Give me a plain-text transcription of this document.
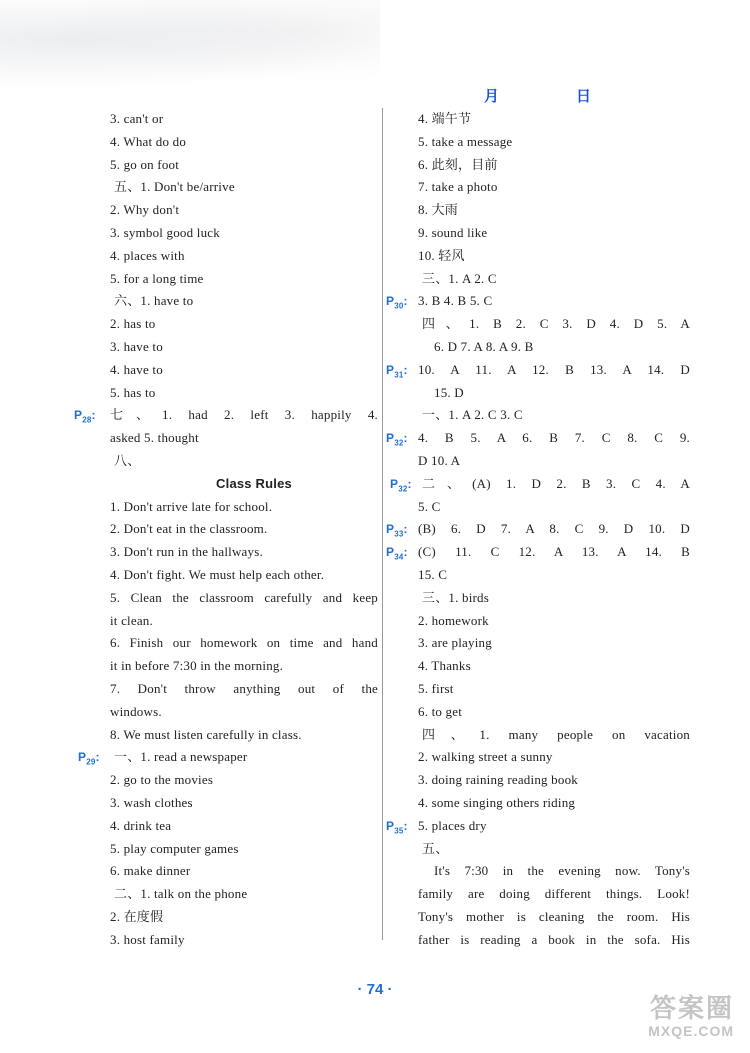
月	日
3. can't or
4. What do do
5. go on foot
五、1. Don't be/arrive
2. Why don't
3. symbol good luck
4. places with
5. for a long time
六、1. have to
2. has to
3. have to
4. have to
5. has to
$P_{28}$: 七、1. had 2. left 3. happily 4.
asked 5. thought
八、
Class Rules
1. Don't arrive late for school.
2. Don't eat in the classroom.
3. Don't run in the hallways.
4. Don't fight. We must help each other.
5. Clean the classroom carefully and keep
it clean.
6. Finish our homework on time and hand
it in before 7:30 in the morning.
7. Don't throw anything out of the
windows.
8. We must listen carefully in class.
$P_{29}$: 一、1. read a newspaper
2. go to the movies
3. wash clothes
4. drink tea
5. play computer games
6. make dinner
二、1. talk on the phone
2. 在度假
3. host family
4. 端午节
5. take a message
6. 此刻，目前
7. take a photo
8. 大雨
9. sound like
10. 轻风
三、1. A 2. C
$P_{30}$: 3. B 4. B 5. C
四、1. B 2. C 3. D 4. D 5. A
6. D 7. A 8. A 9. B
$P_{31}$: 10. A 11. A 12. B 13. A 14. D
15. D
一、1. A 2. C 3. C
$P_{32}$: 4. B 5. A 6. B 7. C 8. C 9.
D 10. A
$P_{32}$: 二、(A) 1. D 2. B 3. C 4. A
5. C
$P_{33}$: (B) 6. D 7. A 8. C 9. D 10. D
$P_{34}$: (C) 11. C 12. A 13. A 14. B
15. C
三、1. birds
2. homework
3. are playing
4. Thanks
5. first
6. to get
四、1. many people on vacation
2. walking street a sunny
3. doing raining reading book
4. some singing others riding
$P_{35}$: 5. places dry
五、
It's 7:30 in the evening now. Tony's
family are doing different things. Look!
Tony's mother is cleaning the room. His
father is reading a book in the sofa. His
· 74 ·
答案圈
MXQE.COM
